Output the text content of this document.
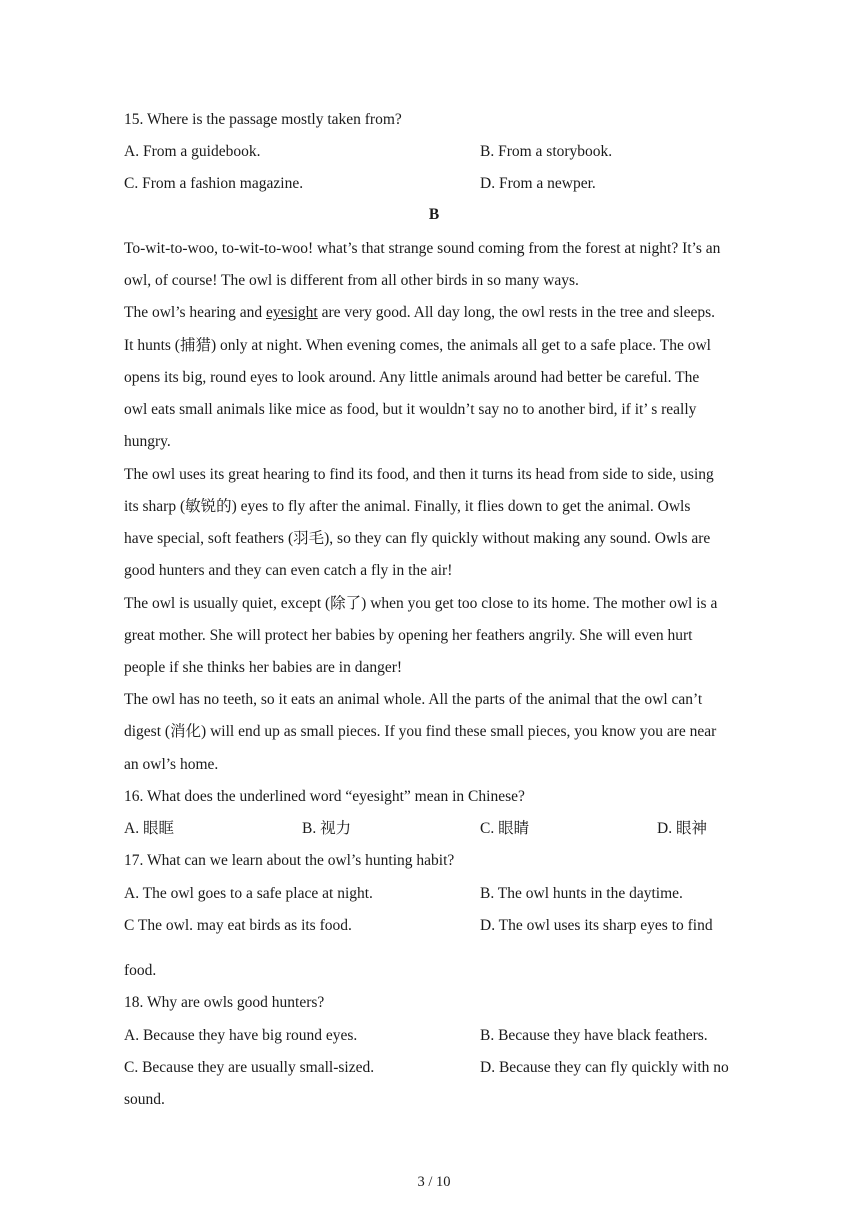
15. Where is the passage mostly taken from?
A. From a guidebook.	B. From a storybook.
C. From a fashion magazine.	D. From a newper.
B
To-wit-to-woo, to-wit-to-woo! what’s that strange sound coming from the forest at night? It’s an
owl, of course! The owl is different from all other birds in so many ways.
The owl’s hearing and eyesight are very good. All day long, the owl rests in the tree and sleeps.
It hunts (捕猎) only at night. When evening comes, the animals all get to a safe place. The owl
opens its big, round eyes to look around. Any little animals around had better be careful. The
owl eats small animals like mice as food, but it wouldn’t say no to another bird, if it’ s really
hungry.
The owl uses its great hearing to find its food, and then it turns its head from side to side, using
its sharp (敏锐的) eyes to fly after the animal. Finally, it flies down to get the animal. Owls
have special, soft feathers (羽毛), so they can fly quickly without making any sound. Owls are
good hunters and they can even catch a fly in the air!
The owl is usually quiet, except (除了) when you get too close to its home. The mother owl is a
great mother. She will protect her babies by opening her feathers angrily. She will even hurt
people if she thinks her babies are in danger!
The owl has no teeth, so it eats an animal whole. All the parts of the animal that the owl can’t
digest (消化) will end up as small pieces. If you find these small pieces, you know you are near
an owl’s home.
16. What does the underlined word “eyesight” mean in Chinese?
A. 眼眶	B. 视力	C. 眼睛	D. 眼神
17. What can we learn about the owl’s hunting habit?
A. The owl goes to a safe place at night.	B. The owl hunts in the daytime.
C The owl. may eat birds as its food.	D. The owl uses its sharp eyes to find
food.
18. Why are owls good hunters?
A. Because they have big round eyes.	B. Because they have black feathers.
C. Because they are usually small-sized.	D. Because they can fly quickly with no
sound.
3 / 10
